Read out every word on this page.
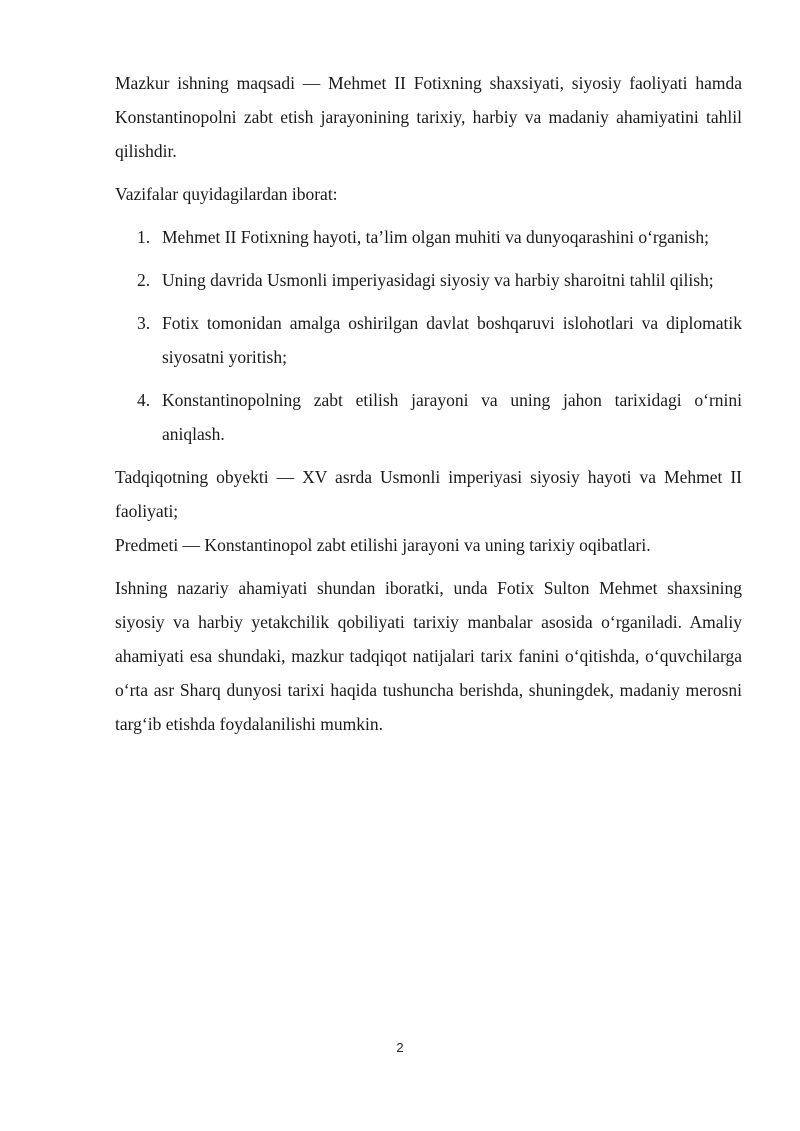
Mazkur ishning maqsadi — Mehmet II Fotixning shaxsiyati, siyosiy faoliyati hamda Konstantinopolni zabt etish jarayonining tarixiy, harbiy va madaniy ahamiyatini tahlil qilishdir.

Vazifalar quyidagilardan iborat:

1. Mehmet II Fotixning hayoti, ta’lim olgan muhiti va dunyoqarashini o‘rganish;
2. Uning davrida Usmonli imperiyasidagi siyosiy va harbiy sharoitni tahlil qilish;
3. Fotix tomonidan amalga oshirilgan davlat boshqaruvi islohotlari va diplomatik siyosatni yoritish;
4. Konstantinopolning zabt etilish jarayoni va uning jahon tarixidagi o‘rnini aniqlash.

Tadqiqotning obyekti — XV asrda Usmonli imperiyasi siyosiy hayoti va Mehmet II faoliyati;

Predmeti — Konstantinopol zabt etilishi jarayoni va uning tarixiy oqibatlari.

Ishning nazariy ahamiyati shundan iboratki, unda Fotix Sulton Mehmet shaxsining siyosiy va harbiy yetakchilik qobiliyati tarixiy manbalar asosida o‘rganiladi. Amaliy ahamiyati esa shundaki, mazkur tadqiqot natijalari tarix fanini o‘qitishda, o‘quvchilarga o‘rta asr Sharq dunyosi tarixi haqida tushuncha berishda, shuningdek, madaniy merosni targ‘ib etishda foydalanilishi mumkin.

2
